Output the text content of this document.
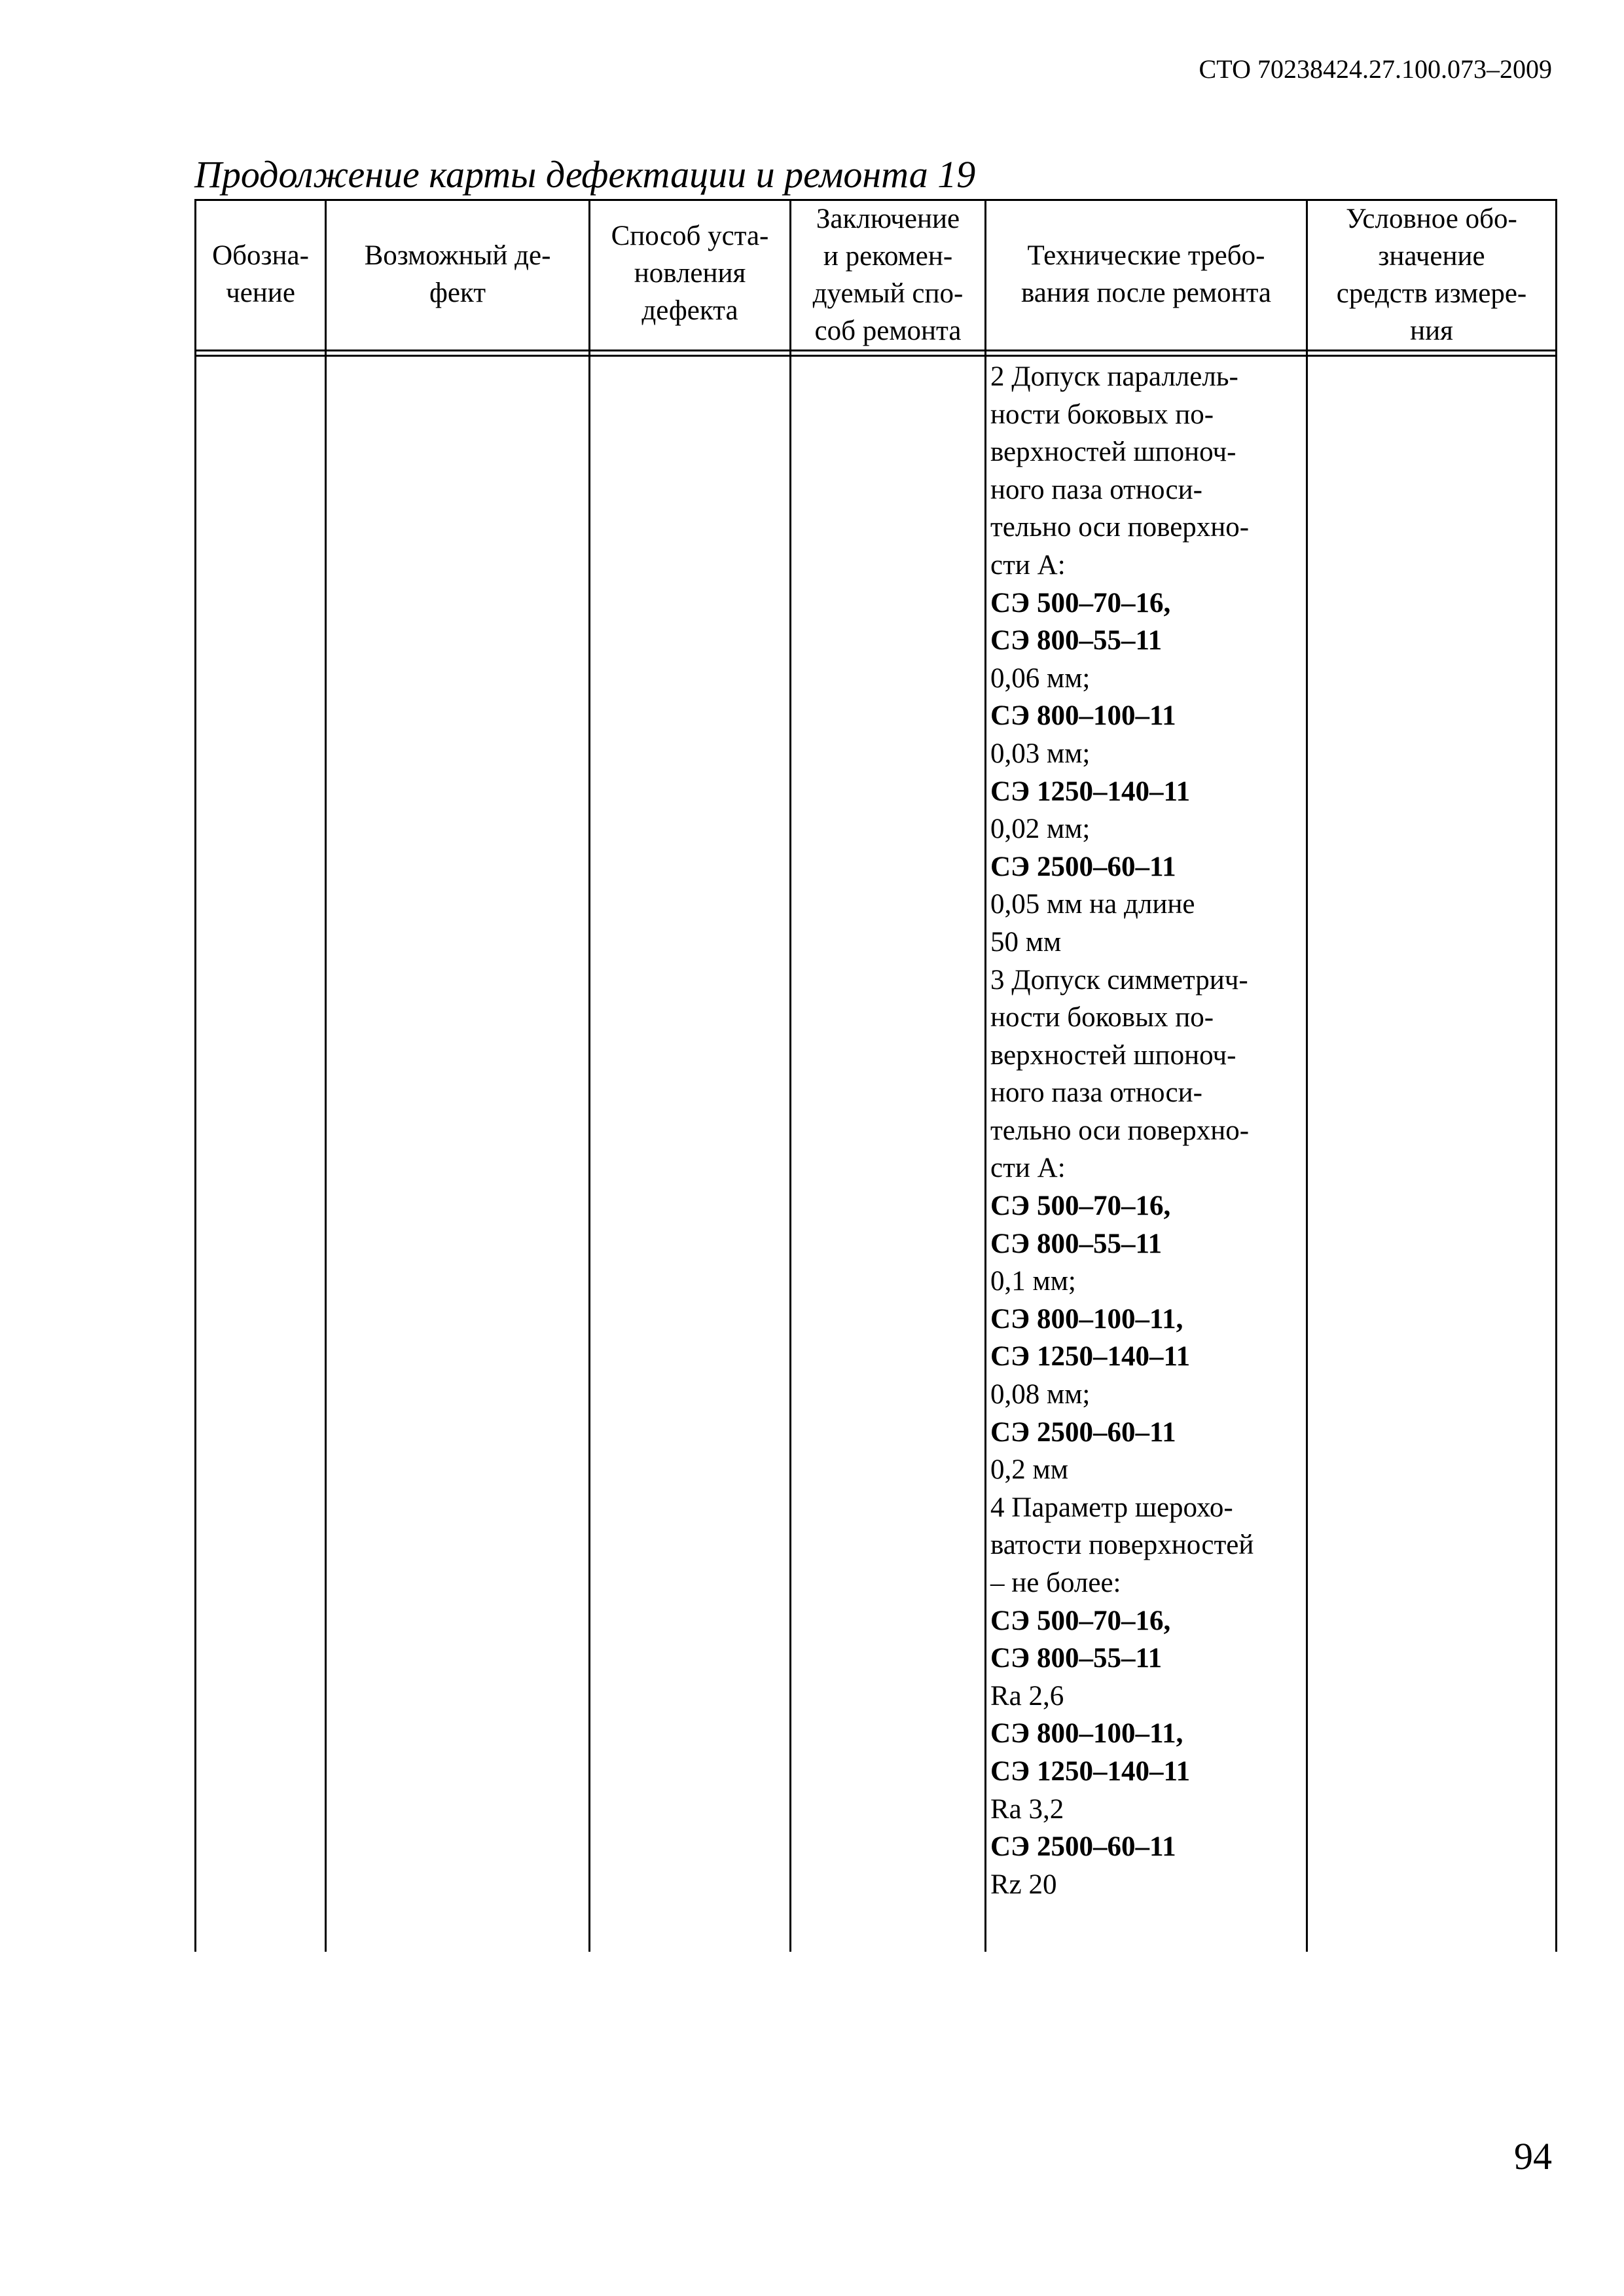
СТО 70238424.27.100.073–2009
Продолжение карты дефектации и ремонта 19
Обозна-
чение
Возможный де-
фект
Способ уста-
новления
дефекта
Заключение
и рекомен-
дуемый спо-
соб ремонта
Технические требо-
вания после ремонта
Условное обо-
значение
средств измере-
ния
2 Допуск параллель-
ности боковых по-
верхностей шпоноч-
ного паза относи-
тельно оси поверхно-
сти А:
СЭ 500–70–16,
СЭ 800–55–11
0,06 мм;
СЭ 800–100–11
0,03 мм;
СЭ 1250–140–11
0,02 мм;
СЭ 2500–60–11
0,05 мм на длине
50 мм
3 Допуск симметрич-
ности боковых по-
верхностей шпоноч-
ного паза относи-
тельно оси поверхно-
сти А:
СЭ 500–70–16,
СЭ 800–55–11
0,1 мм;
СЭ 800–100–11,
СЭ 1250–140–11
0,08 мм;
СЭ 2500–60–11
0,2 мм
4 Параметр шерохо-
ватости поверхностей
– не более:
СЭ 500–70–16,
СЭ 800–55–11
Ra 2,6
СЭ 800–100–11,
СЭ 1250–140–11
Ra 3,2
СЭ 2500–60–11
Rz 20
94
